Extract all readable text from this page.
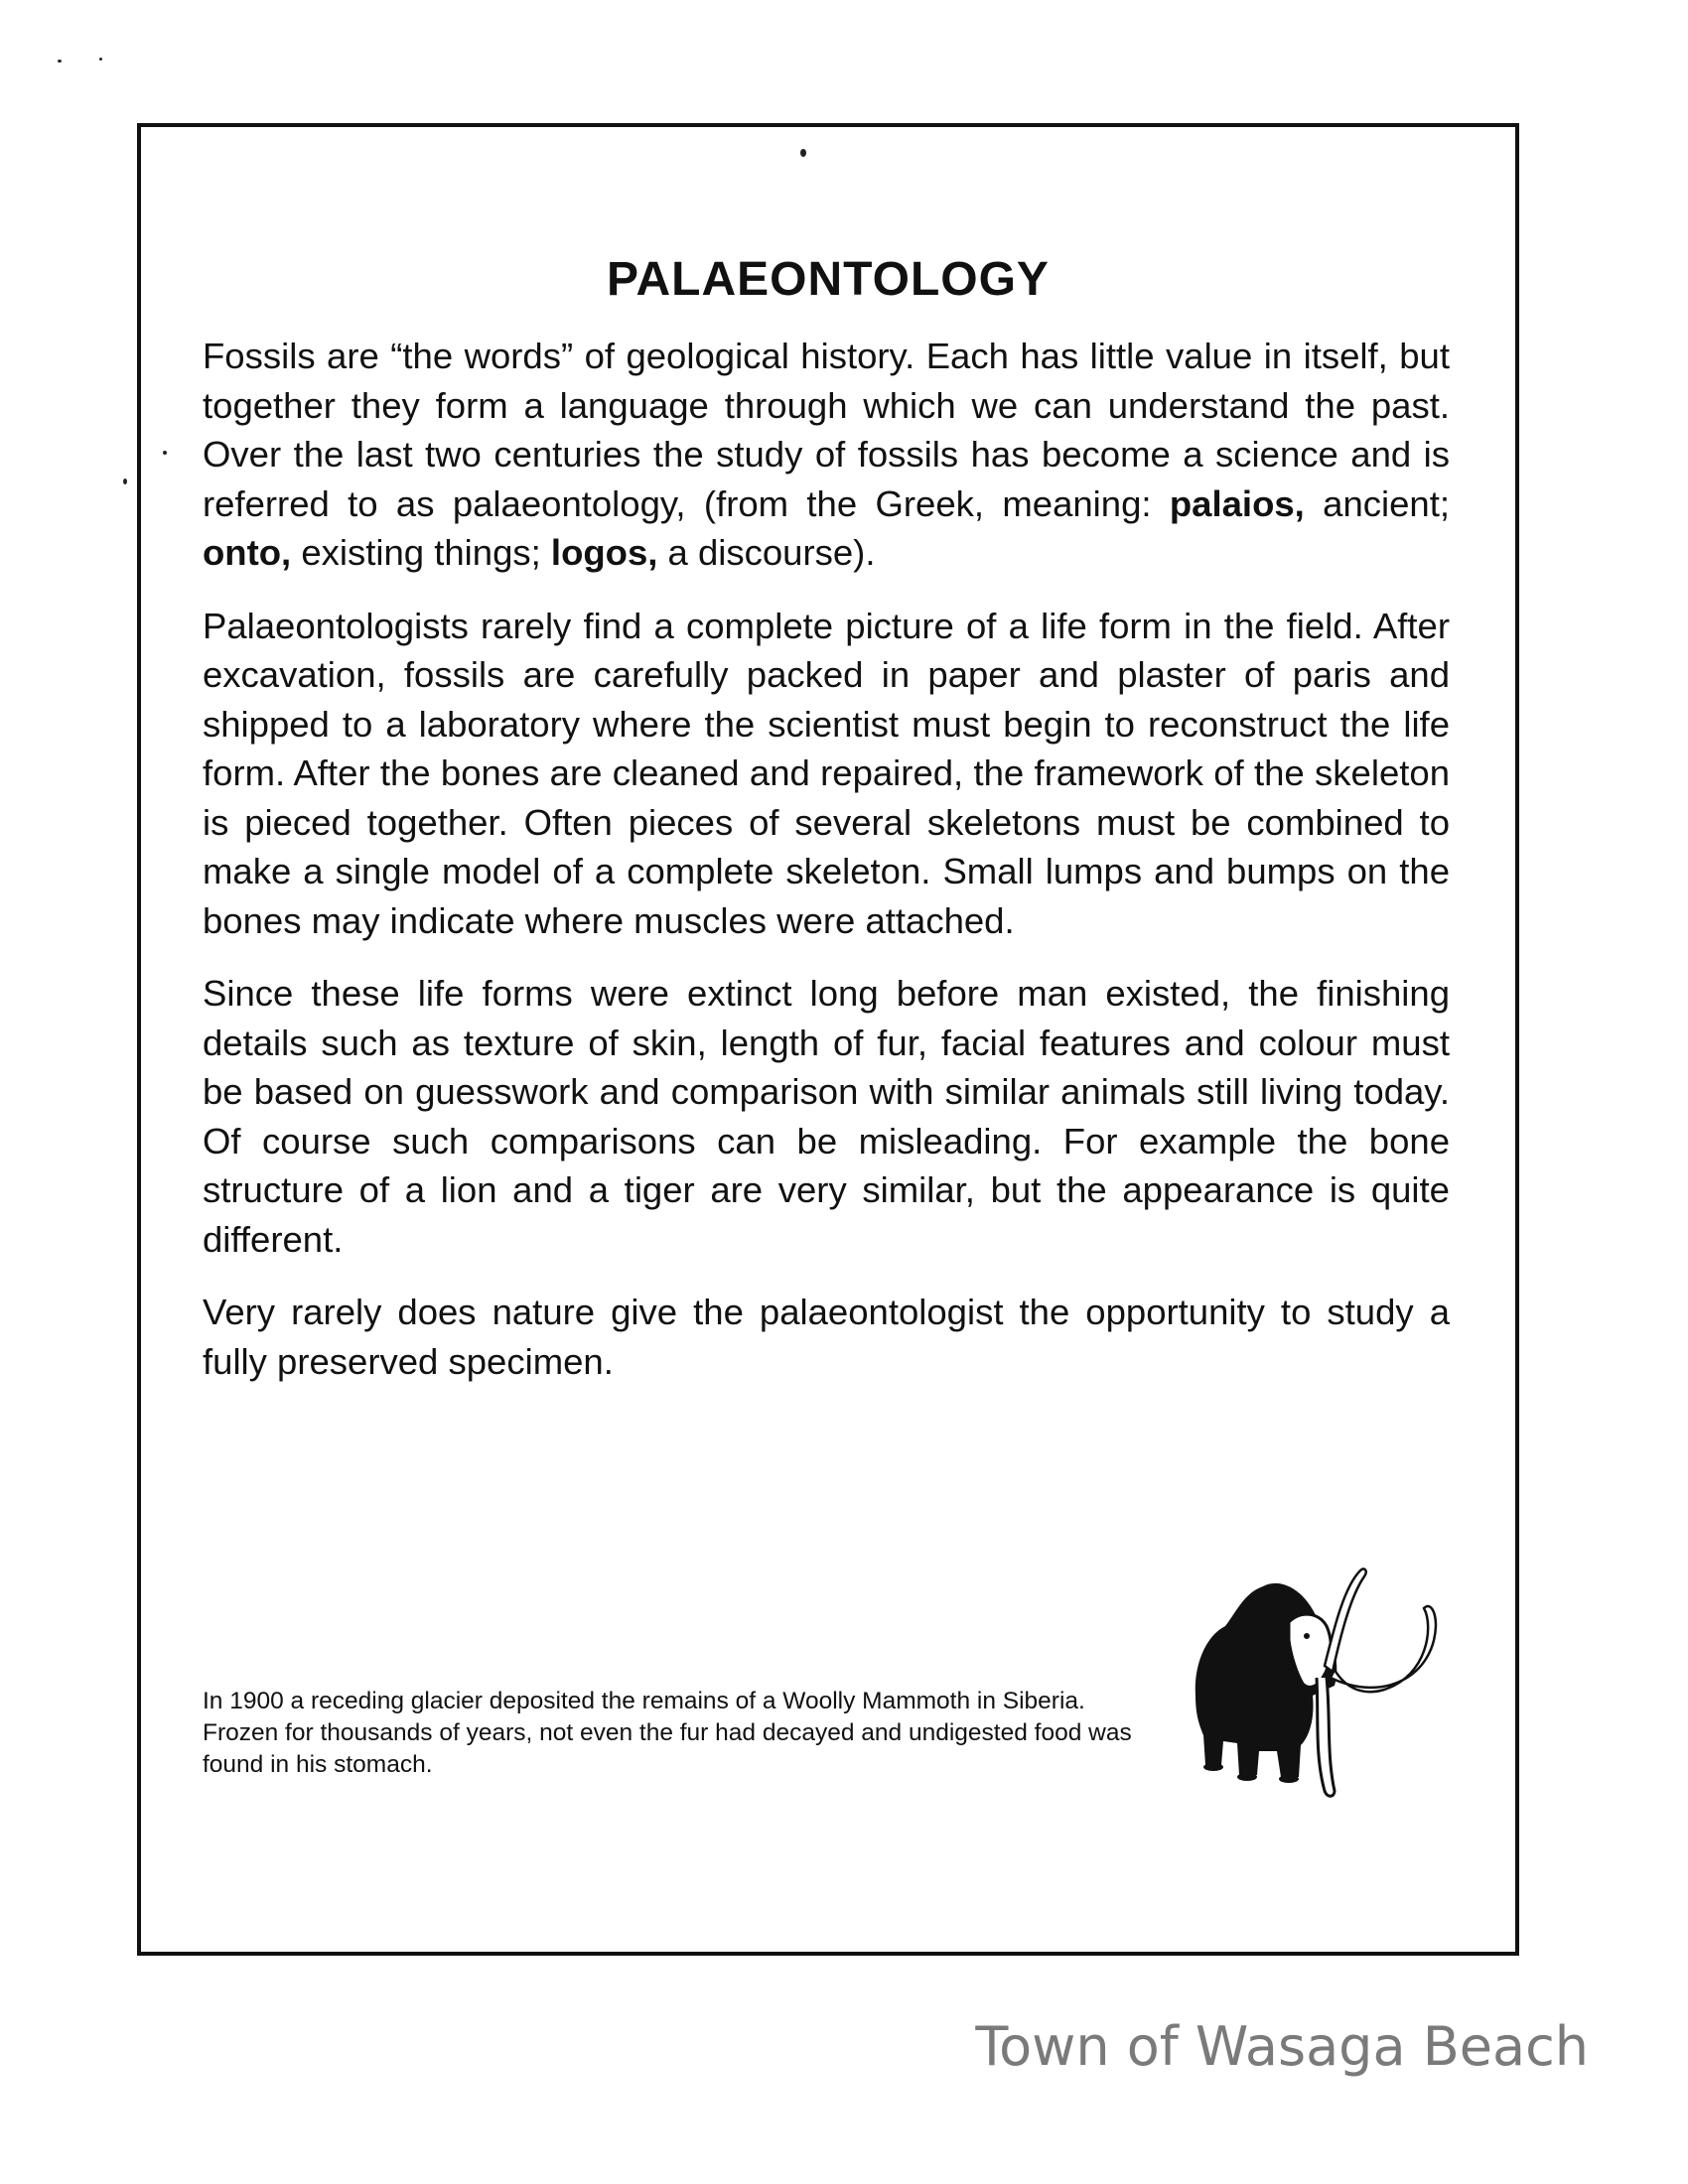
PALAEONTOLOGY

Fossils are “the words” of geological history. Each has little value in itself, but together they form a language through which we can understand the past. Over the last two centuries the study of fossils has become a science and is referred to as palaeontology, (from the Greek, meaning: palaios, ancient; onto, existing things; logos, a discourse).

Palaeontologists rarely find a complete picture of a life form in the field. After excavation, fossils are carefully packed in paper and plaster of paris and shipped to a laboratory where the scientist must begin to reconstruct the life form. After the bones are cleaned and repaired, the framework of the skeleton is pieced together. Often pieces of several skeletons must be combined to make a single model of a complete skeleton. Small lumps and bumps on the bones may indicate where muscles were attached.

Since these life forms were extinct long before man existed, the finishing details such as texture of skin, length of fur, facial features and colour must be based on guesswork and comparison with similar animals still living today. Of course such comparisons can be misleading. For example the bone structure of a lion and a tiger are very similar, but the appearance is quite different.

Very rarely does nature give the palaeontologist the opportunity to study a fully preserved specimen.

In 1900 a receding glacier deposited the remains of a Woolly Mammoth in Siberia. Frozen for thousands of years, not even the fur had decayed and undigested food was found in his stomach.

Town of Wasaga Beach
